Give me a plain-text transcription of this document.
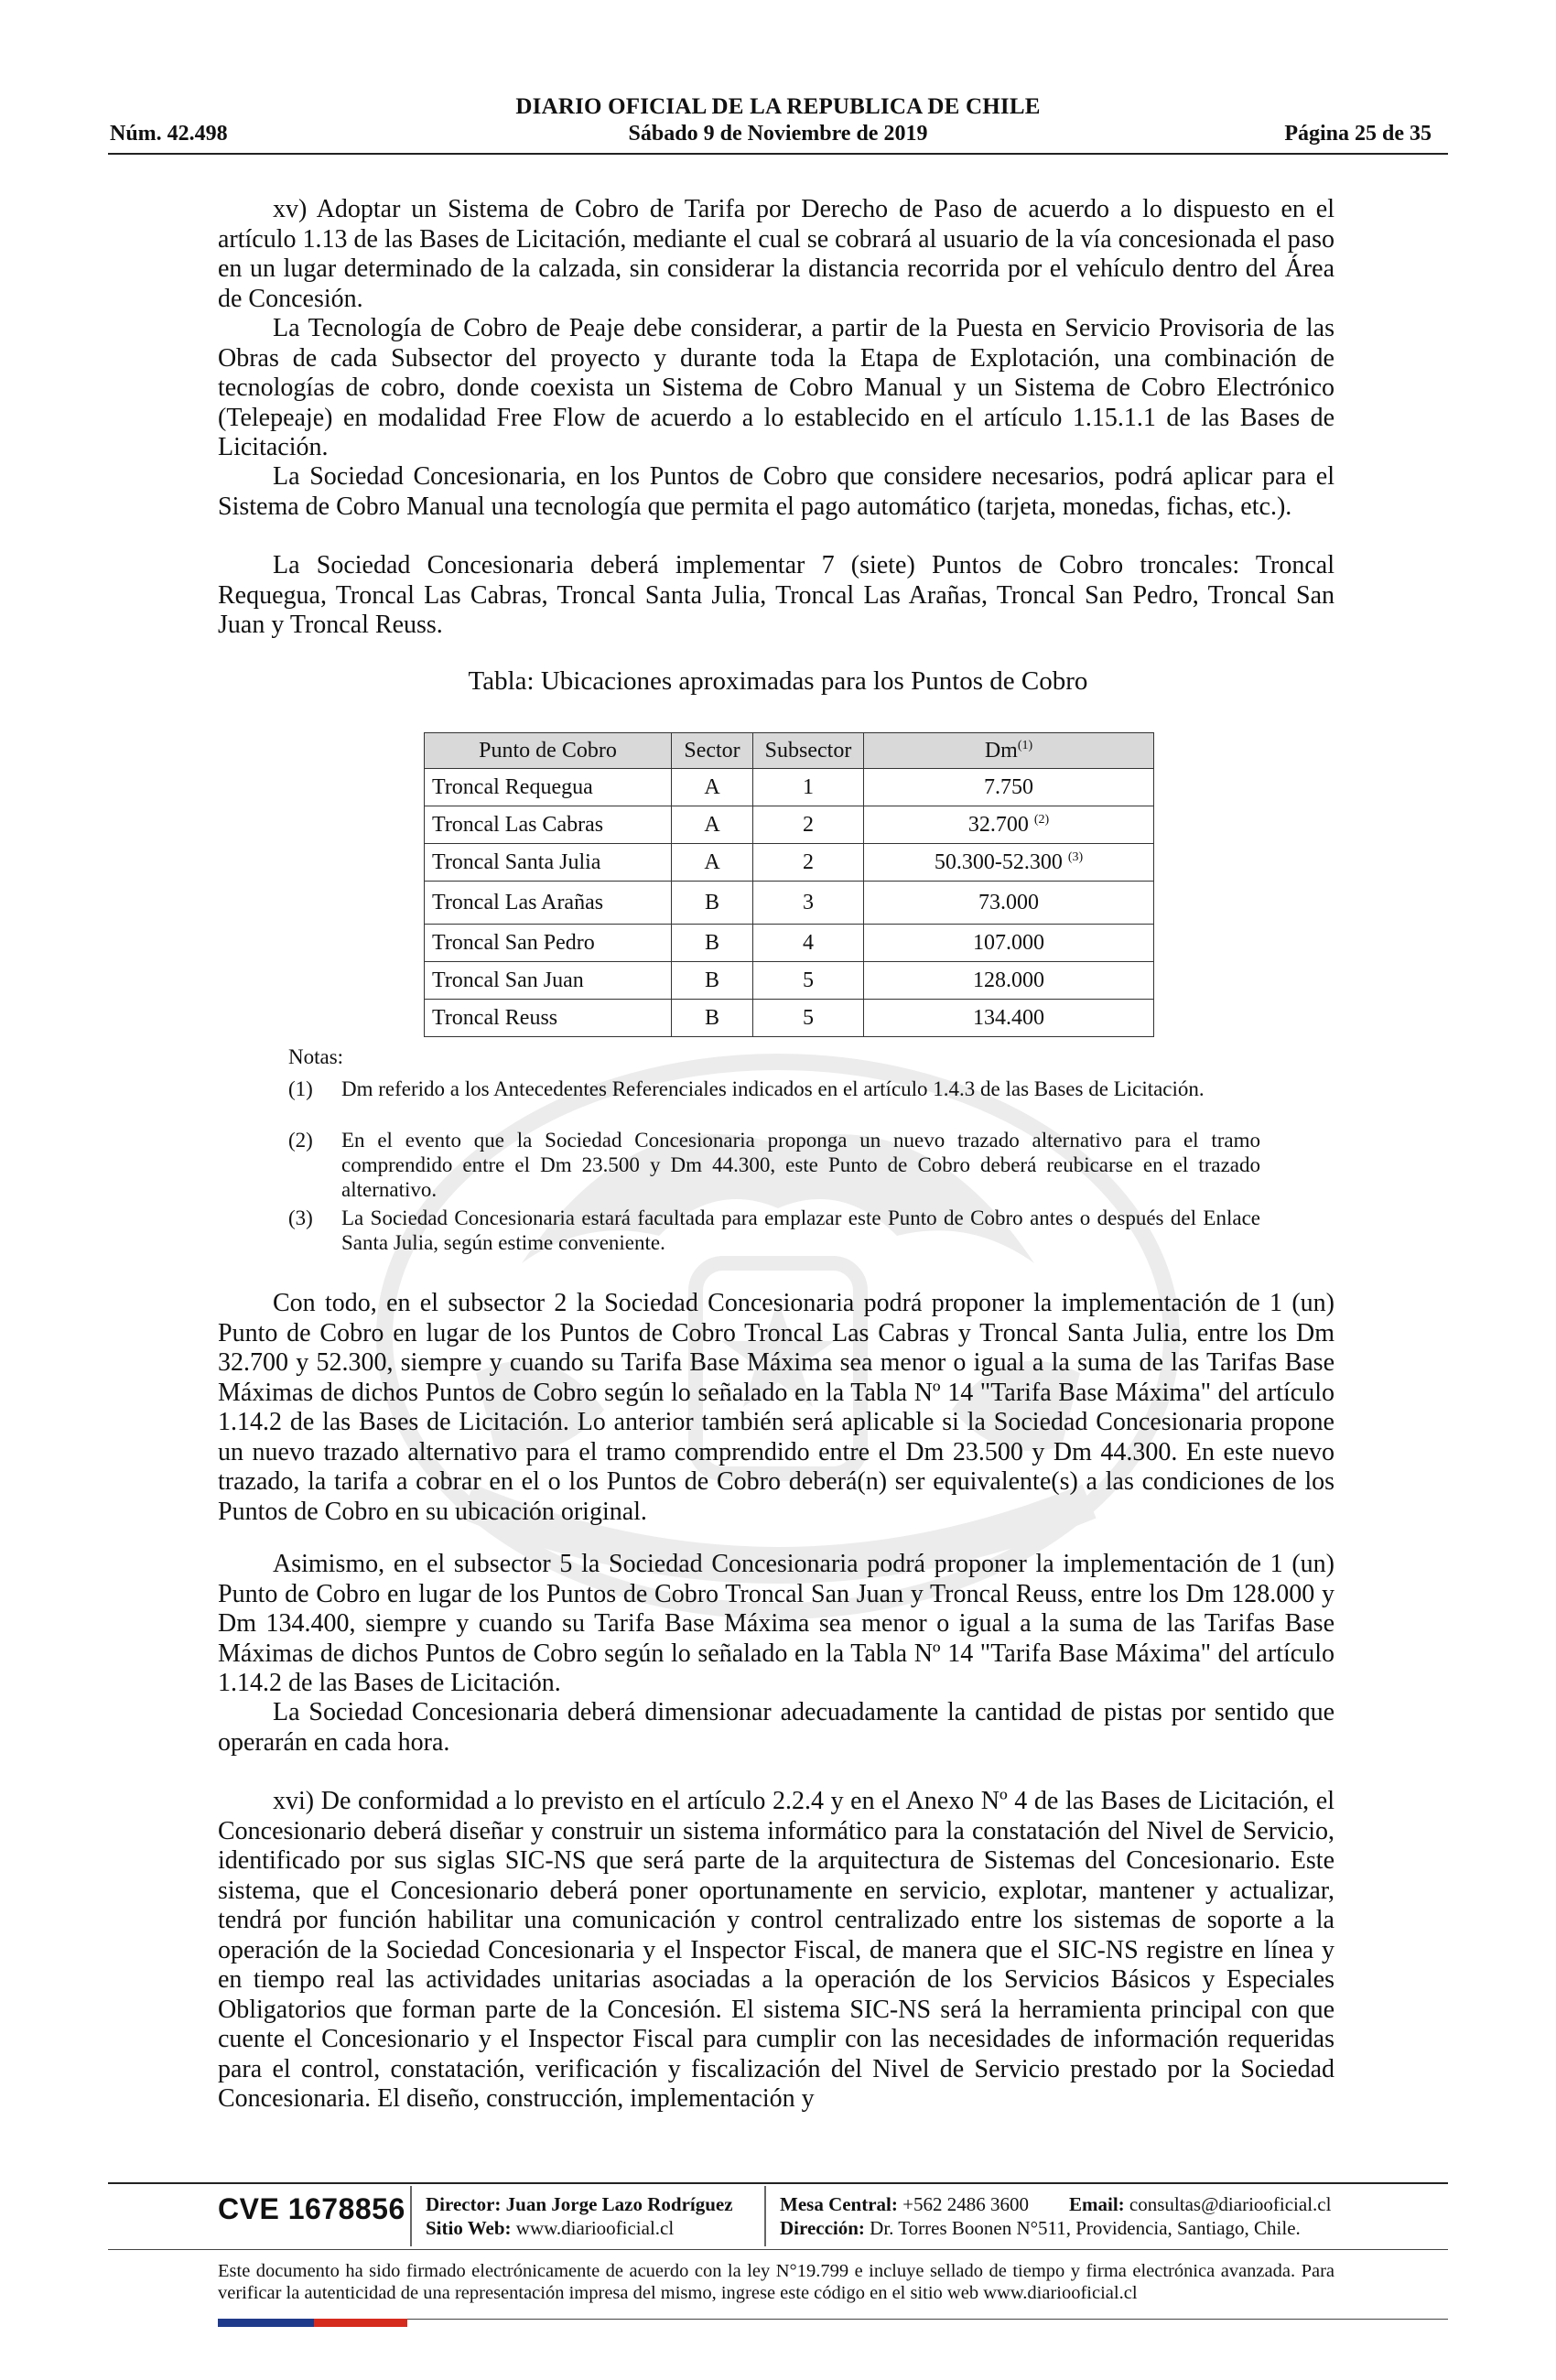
DIARIO OFICIAL DE LA REPUBLICA DE CHILE
Núm. 42.498	Sábado 9 de Noviembre de 2019	Página 25 de 35

xv) Adoptar un Sistema de Cobro de Tarifa por Derecho de Paso de acuerdo a lo dispuesto en el artículo 1.13 de las Bases de Licitación, mediante el cual se cobrará al usuario de la vía concesionada el paso en un lugar determinado de la calzada, sin considerar la distancia recorrida por el vehículo dentro del Área de Concesión.

La Tecnología de Cobro de Peaje debe considerar, a partir de la Puesta en Servicio Provisoria de las Obras de cada Subsector del proyecto y durante toda la Etapa de Explotación, una combinación de tecnologías de cobro, donde coexista un Sistema de Cobro Manual y un Sistema de Cobro Electrónico (Telepeaje) en modalidad Free Flow de acuerdo a lo establecido en el artículo 1.15.1.1 de las Bases de Licitación.

La Sociedad Concesionaria, en los Puntos de Cobro que considere necesarios, podrá aplicar para el Sistema de Cobro Manual una tecnología que permita el pago automático (tarjeta, monedas, fichas, etc.).

La Sociedad Concesionaria deberá implementar 7 (siete) Puntos de Cobro troncales: Troncal Requegua, Troncal Las Cabras, Troncal Santa Julia, Troncal Las Arañas, Troncal San Pedro, Troncal San Juan y Troncal Reuss.

Tabla: Ubicaciones aproximadas para los Puntos de Cobro
Punto de Cobro	Sector	Subsector	Dm$^{(1)}$
Troncal Requegua	A	1	7.750
Troncal Las Cabras	A	2	32.700 $^{(2)}$
Troncal Santa Julia	A	2	50.300-52.300 $^{(3)}$
Troncal Las Arañas	B	3	73.000
Troncal San Pedro	B	4	107.000
Troncal San Juan	B	5	128.000
Troncal Reuss	B	5	134.400
Notas:
(1) Dm referido a los Antecedentes Referenciales indicados en el artículo 1.4.3 de las Bases de Licitación.
(2) En el evento que la Sociedad Concesionaria proponga un nuevo trazado alternativo para el tramo comprendido entre el Dm 23.500 y Dm 44.300, este Punto de Cobro deberá reubicarse en el trazado alternativo.
(3) La Sociedad Concesionaria estará facultada para emplazar este Punto de Cobro antes o después del Enlace Santa Julia, según estime conveniente.

Con todo, en el subsector 2 la Sociedad Concesionaria podrá proponer la implementación de 1 (un) Punto de Cobro en lugar de los Puntos de Cobro Troncal Las Cabras y Troncal Santa Julia, entre los Dm 32.700 y 52.300, siempre y cuando su Tarifa Base Máxima sea menor o igual a la suma de las Tarifas Base Máximas de dichos Puntos de Cobro según lo señalado en la Tabla Nº 14 "Tarifa Base Máxima" del artículo 1.14.2 de las Bases de Licitación. Lo anterior también será aplicable si la Sociedad Concesionaria propone un nuevo trazado alternativo para el tramo comprendido entre el Dm 23.500 y Dm 44.300. En este nuevo trazado, la tarifa a cobrar en el o los Puntos de Cobro deberá(n) ser equivalente(s) a las condiciones de los Puntos de Cobro en su ubicación original.

Asimismo, en el subsector 5 la Sociedad Concesionaria podrá proponer la implementación de 1 (un) Punto de Cobro en lugar de los Puntos de Cobro Troncal San Juan y Troncal Reuss, entre los Dm 128.000 y Dm 134.400, siempre y cuando su Tarifa Base Máxima sea menor o igual a la suma de las Tarifas Base Máximas de dichos Puntos de Cobro según lo señalado en la Tabla Nº 14 "Tarifa Base Máxima" del artículo 1.14.2 de las Bases de Licitación.

La Sociedad Concesionaria deberá dimensionar adecuadamente la cantidad de pistas por sentido que operarán en cada hora.

xvi) De conformidad a lo previsto en el artículo 2.2.4 y en el Anexo Nº 4 de las Bases de Licitación, el Concesionario deberá diseñar y construir un sistema informático para la constatación del Nivel de Servicio, identificado por sus siglas SIC-NS que será parte de la arquitectura de Sistemas del Concesionario. Este sistema, que el Concesionario deberá poner oportunamente en servicio, explotar, mantener y actualizar, tendrá por función habilitar una comunicación y control centralizado entre los sistemas de soporte a la operación de la Sociedad Concesionaria y el Inspector Fiscal, de manera que el SIC-NS registre en línea y en tiempo real las actividades unitarias asociadas a la operación de los Servicios Básicos y Especiales Obligatorios que forman parte de la Concesión. El sistema SIC-NS será la herramienta principal con que cuente el Concesionario y el Inspector Fiscal para cumplir con las necesidades de información requeridas para el control, constatación, verificación y fiscalización del Nivel de Servicio prestado por la Sociedad Concesionaria. El diseño, construcción, implementación y

CVE 1678856 Director: Juan Jorge Lazo Rodríguez
Sitio Web: www.diariooficial.cl
Mesa Central: +562 2486 3600 Email: consultas@diariooficial.cl
Dirección: Dr. Torres Boonen N°511, Providencia, Santiago, Chile.
Este documento ha sido firmado electrónicamente de acuerdo con la ley N°19.799 e incluye sellado de tiempo y firma electrónica avanzada. Para verificar la autenticidad de una representación impresa del mismo, ingrese este código en el sitio web www.diariooficial.cl
